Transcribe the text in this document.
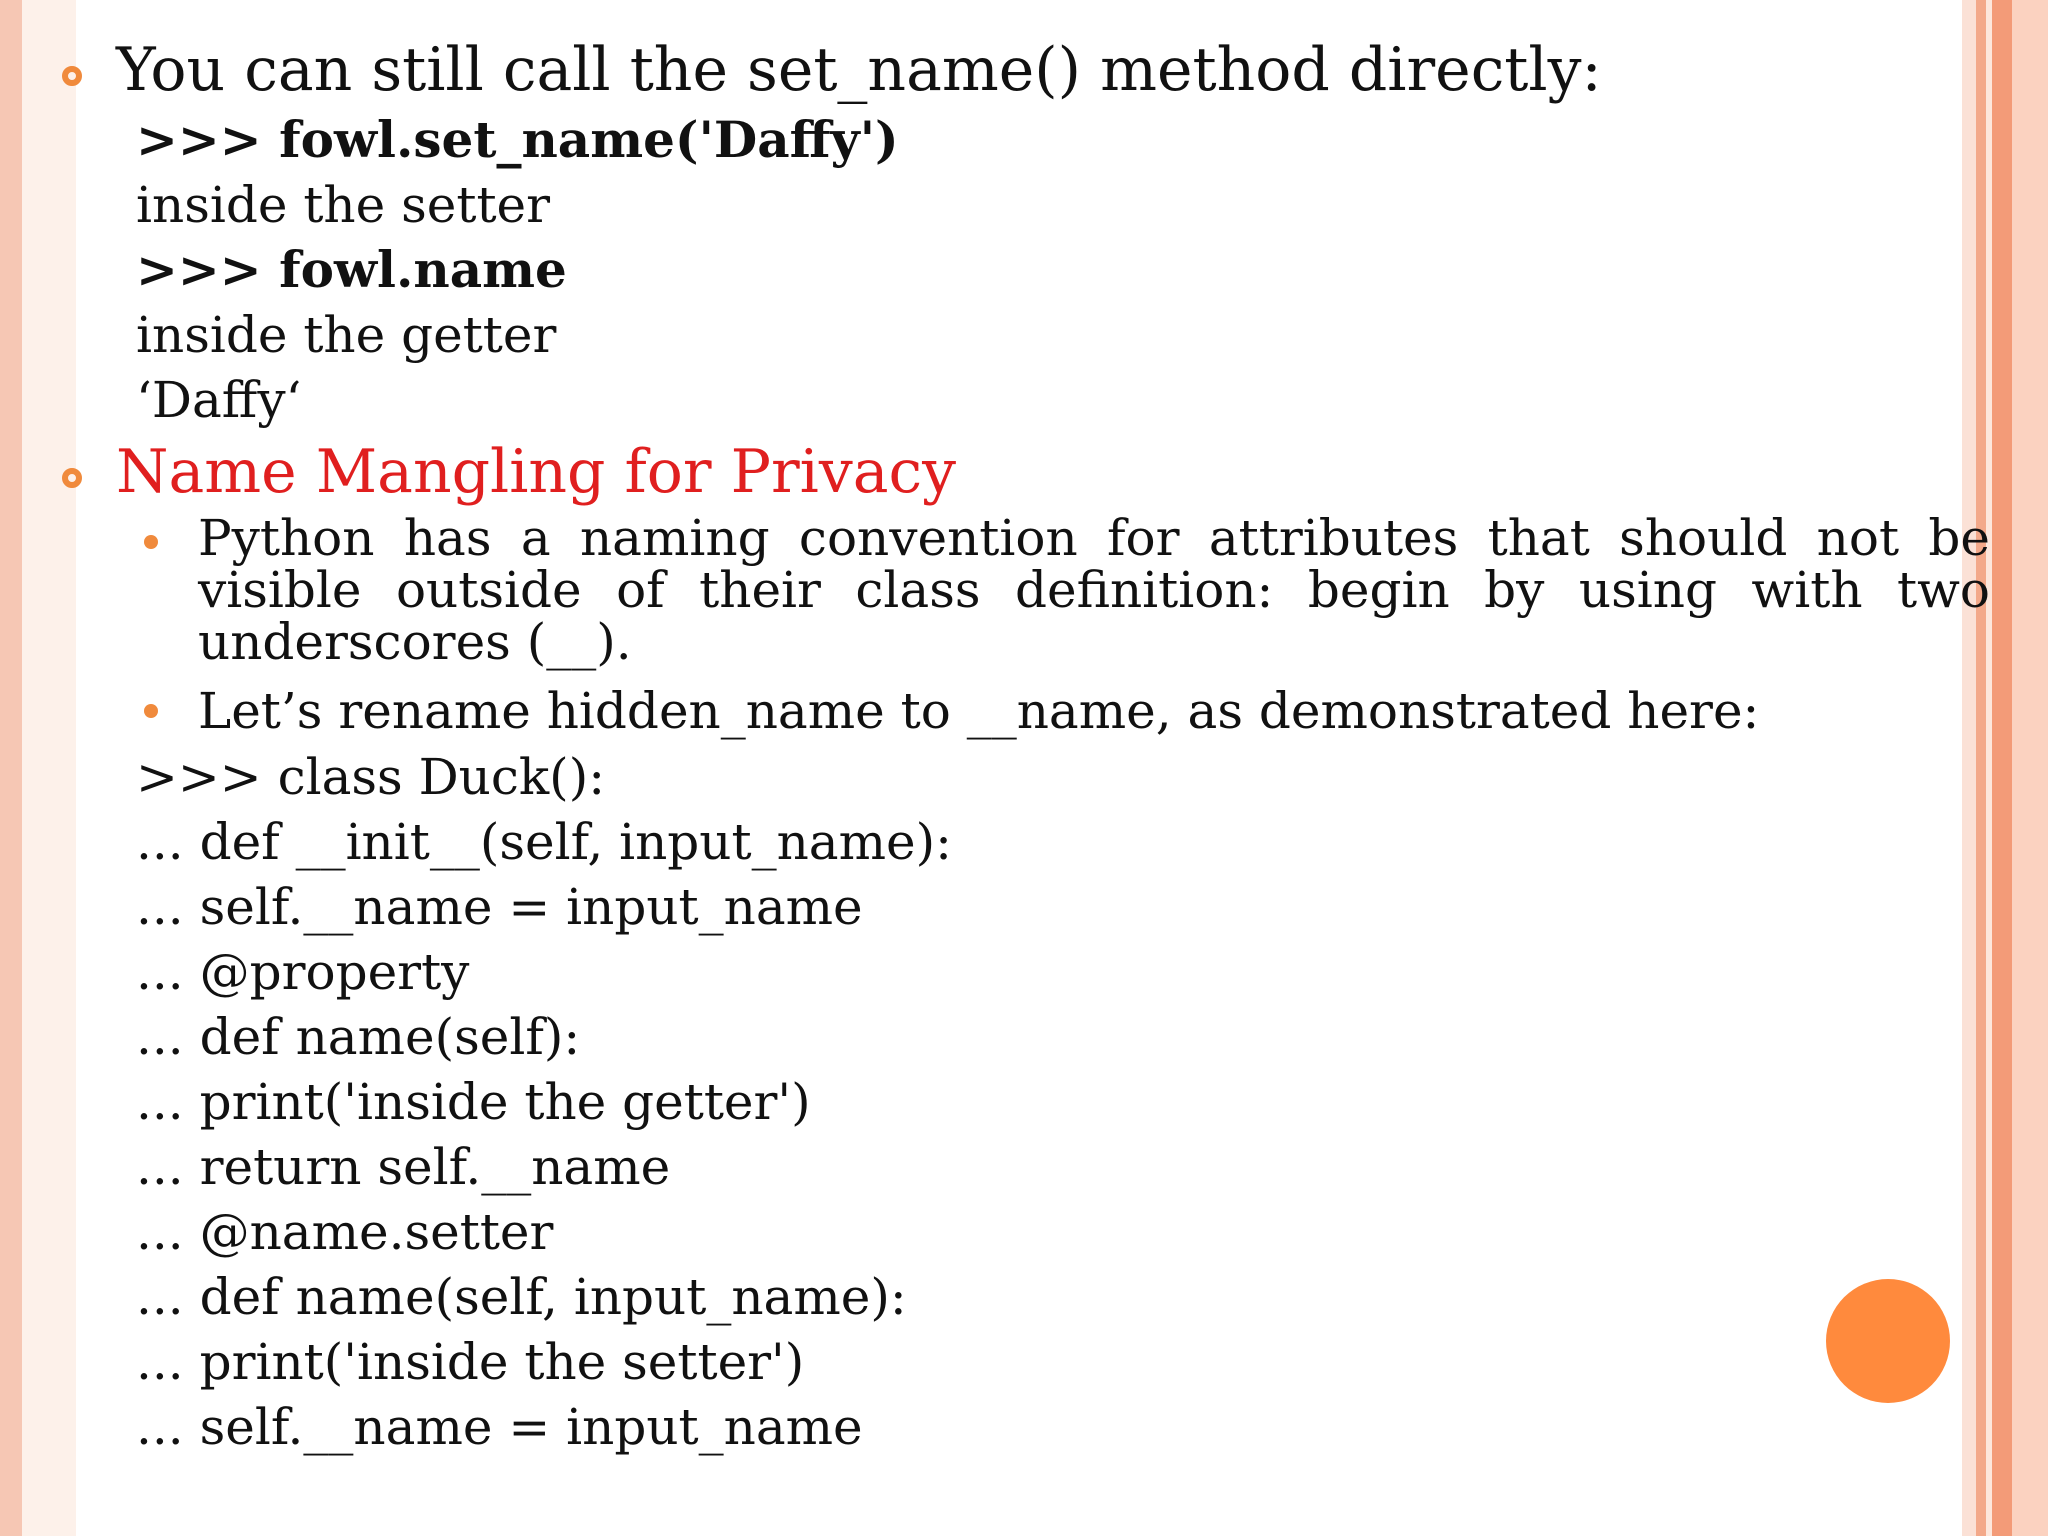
You can still call the set_name() method directly:
>>> fowl.set_name('Daffy')
inside the setter
>>> fowl.name
inside the getter
‘Daffy‘
Name Mangling for Privacy
Python has a naming convention for attributes that should not be visible outside of their class definition: begin by using with two underscores (__).
Let’s rename hidden_name to __name, as demonstrated here:
>>> class Duck():
... def __init__(self, input_name):
... self.__name = input_name
... @property
... def name(self):
... print('inside the getter')
... return self.__name
... @name.setter
... def name(self, input_name):
... print('inside the setter')
... self.__name = input_name
